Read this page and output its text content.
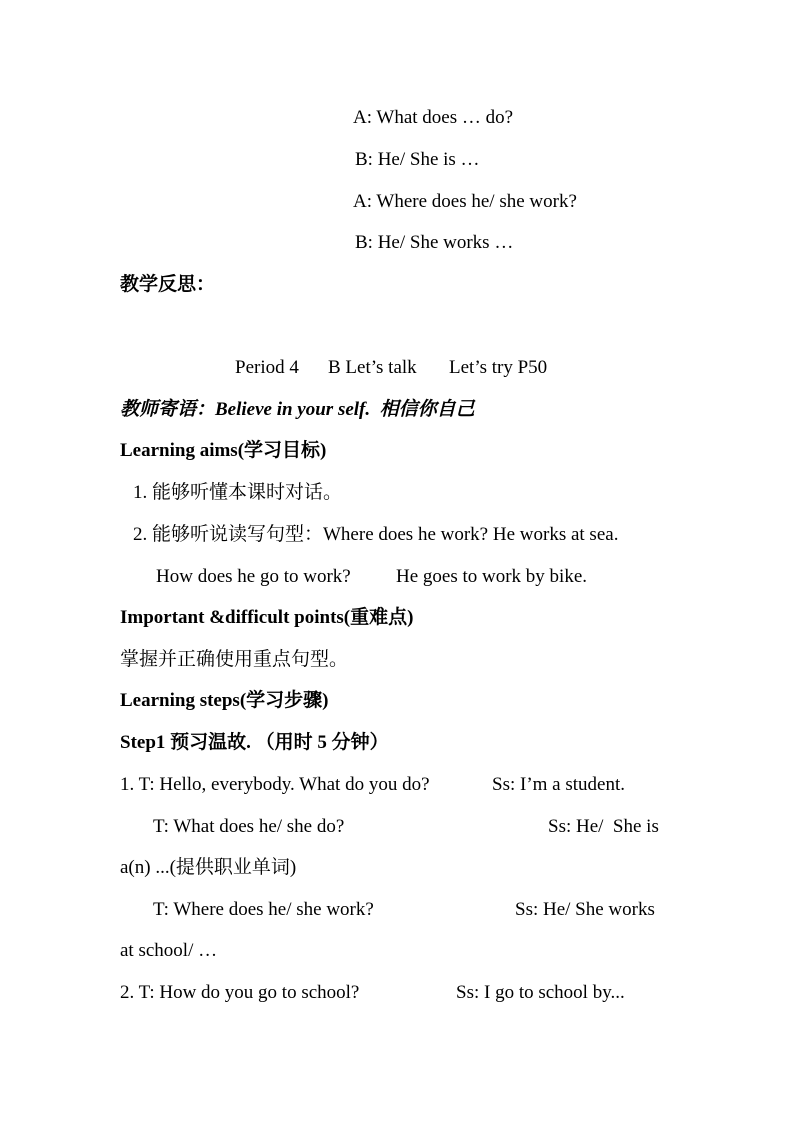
A: What does … do?
B: He/ She is …
A: Where does he/ she work?
B: He/ She works …
教学反思：
Period 4 B Let’s talk Let’s try P50
教师寄语：Believe in your self.  相信你自己
Learning aims(学习目标)
1. 能够听懂本课时对话。
2. 能够听说读写句型：Where does he work? He works at sea.
How does he go to work? He goes to work by bike.
Important &difficult points(重难点)
掌握并正确使用重点句型。
Learning steps(学习步骤)
Step1 预习温故. （用时 5 分钟）
1. T: Hello, everybody. What do you do?	Ss: I’m a student.
T: What does he/ she do?	Ss: He/  She is
a(n) ...(提供职业单词)
T: Where does he/ she work?	Ss: He/ She works
at school/ …
2. T: How do you go to school?	Ss: I go to school by...
